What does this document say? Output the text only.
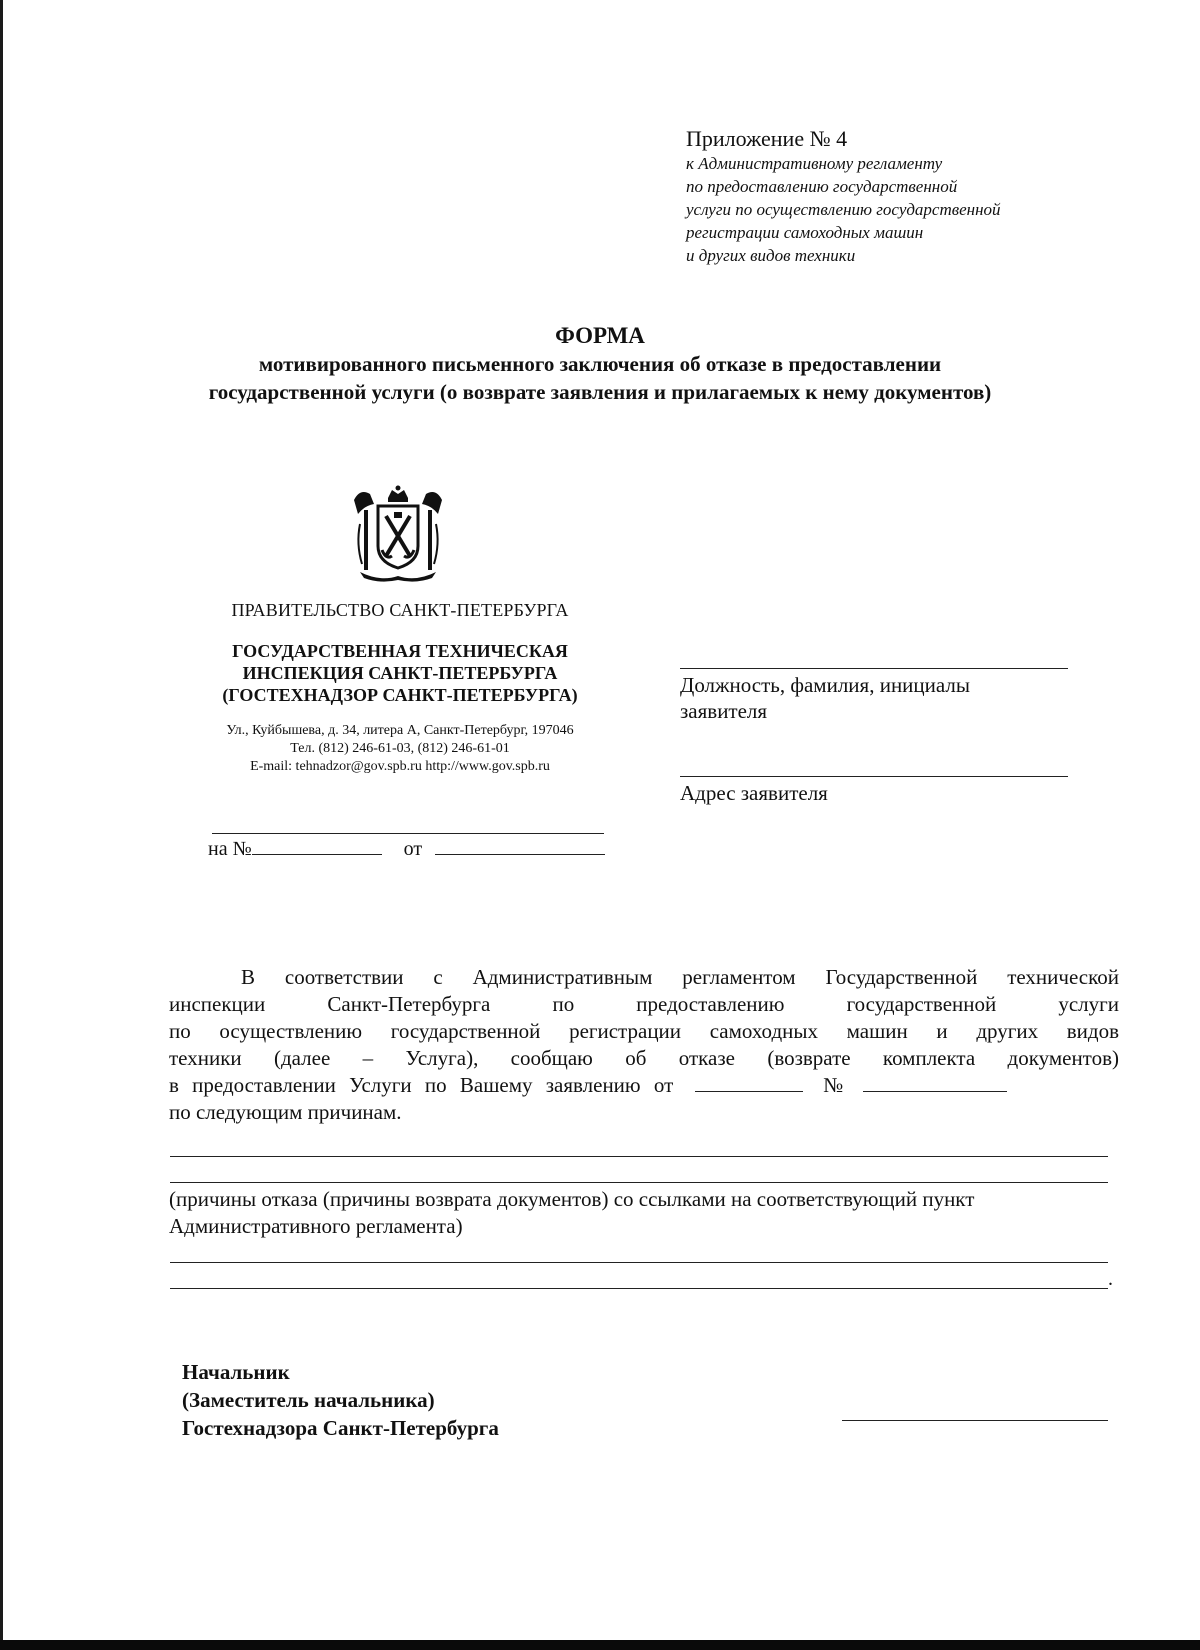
Приложение № 4
к Административному регламенту
по предоставлению государственной
услуги по осуществлению государственной
регистрации самоходных машин
и других видов техники
ФОРМА
мотивированного письменного заключения об отказе в предоставлении
государственной услуги (о возврате заявления и прилагаемых к нему документов)
ПРАВИТЕЛЬСТВО САНКТ-ПЕТЕРБУРГА
ГОСУДАРСТВЕННАЯ ТЕХНИЧЕСКАЯ
ИНСПЕКЦИЯ САНКТ-ПЕТЕРБУРГА
(ГОСТЕХНАДЗОР САНКТ-ПЕТЕРБУРГА)
Ул., Куйбышева, д. 34, литера А, Санкт-Петербург, 197046
Тел. (812) 246-61-03, (812) 246-61-01
E-mail: tehnadzor@gov.spb.ru http://www.gov.spb.ru
на №	от
Должность, фамилия, инициалы
заявителя
Адрес заявителя
В соответствии с Административным регламентом Государственной технической
инспекции Санкт-Петербурга по предоставлению государственной услуги
по осуществлению государственной регистрации самоходных машин и других видов
техники (далее – Услуга), сообщаю об отказе (возврате комплекта документов)
в предоставлении Услуги по Вашему заявлению от	№
по следующим причинам.
(причины отказа (причины возврата документов) со ссылками на соответствующий пункт
Административного регламента)
.
Начальник
(Заместитель начальника)
Гостехнадзора Санкт-Петербурга
